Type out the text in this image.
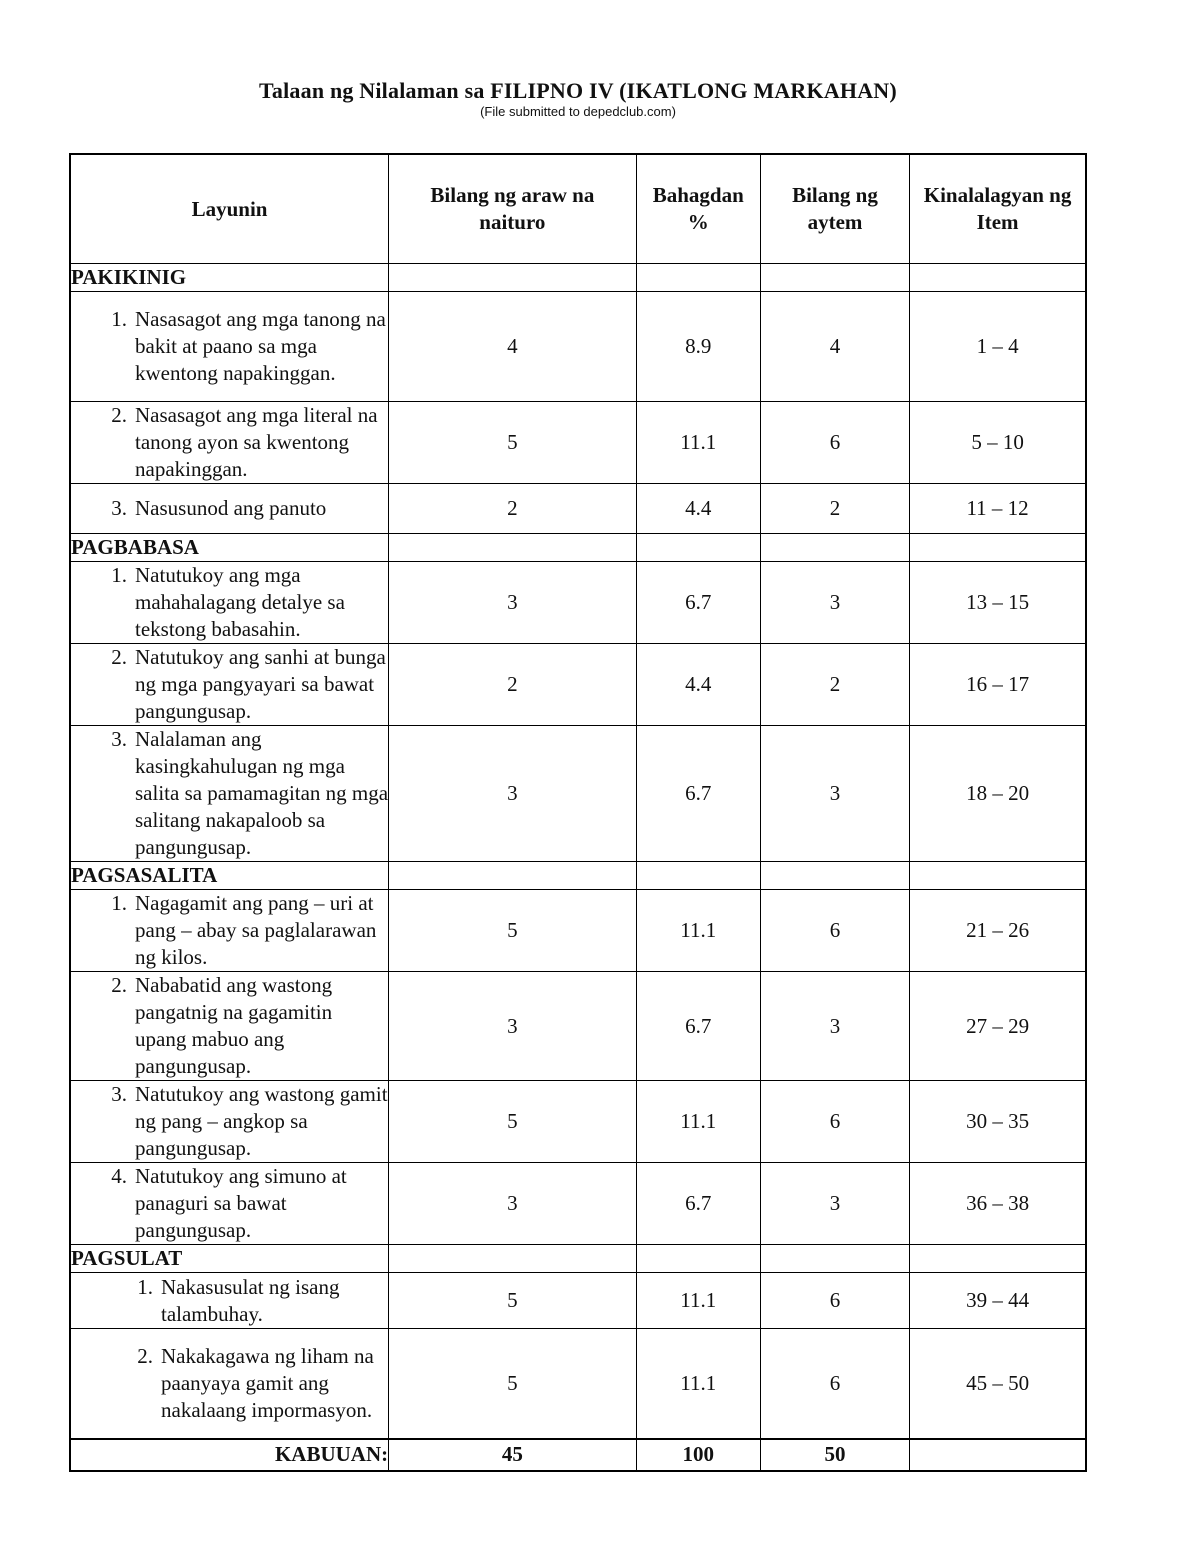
Talaan ng Nilalaman sa FILIPNO IV (IKATLONG MARKAHAN)
(File submitted to depedclub.com)
Layunin	Bilang ng araw na naituro	Bahagdan %	Bilang ng aytem	Kinalalagyan ng Item
PAKIKINIG				

1. Nasasagot ang mga tanong na bakit at paano sa mga kwentong napakinggan.	4	8.9	4	1 – 4

2. Nasasagot ang mga literal na tanong ayon sa kwentong napakinggan.	5	11.1	6	5 – 10

3. Nasusunod ang panuto	2	4.4	2	11 – 12
PAGBABASA				

1. Natutukoy ang mga mahahalagang detalye sa tekstong babasahin.	3	6.7	3	13 – 15

2. Natutukoy ang sanhi at bunga ng mga pangyayari sa bawat pangungusap.	2	4.4	2	16 – 17

3. Nalalaman ang kasingkahulugan ng mga salita sa pamamagitan ng mga salitang nakapaloob sa pangungusap.	3	6.7	3	18 – 20
PAGSASALITA				

1. Nagagamit ang pang – uri at pang – abay sa paglalarawan ng kilos.	5	11.1	6	21 – 26

2. Nababatid ang wastong pangatnig na gagamitin upang mabuo ang pangungusap.	3	6.7	3	27 – 29

3. Natutukoy ang wastong gamit ng pang – angkop sa pangungusap.	5	11.1	6	30 – 35

4. Natutukoy ang simuno at panaguri sa bawat pangungusap.	3	6.7	3	36 – 38
PAGSULAT				

1. Nakasusulat ng isang talambuhay.	5	11.1	6	39 – 44

2. Nakakagawa ng liham na paanyaya gamit ang nakalaang impormasyon.	5	11.1	6	45 – 50
KABUUAN:	45	100	50	
